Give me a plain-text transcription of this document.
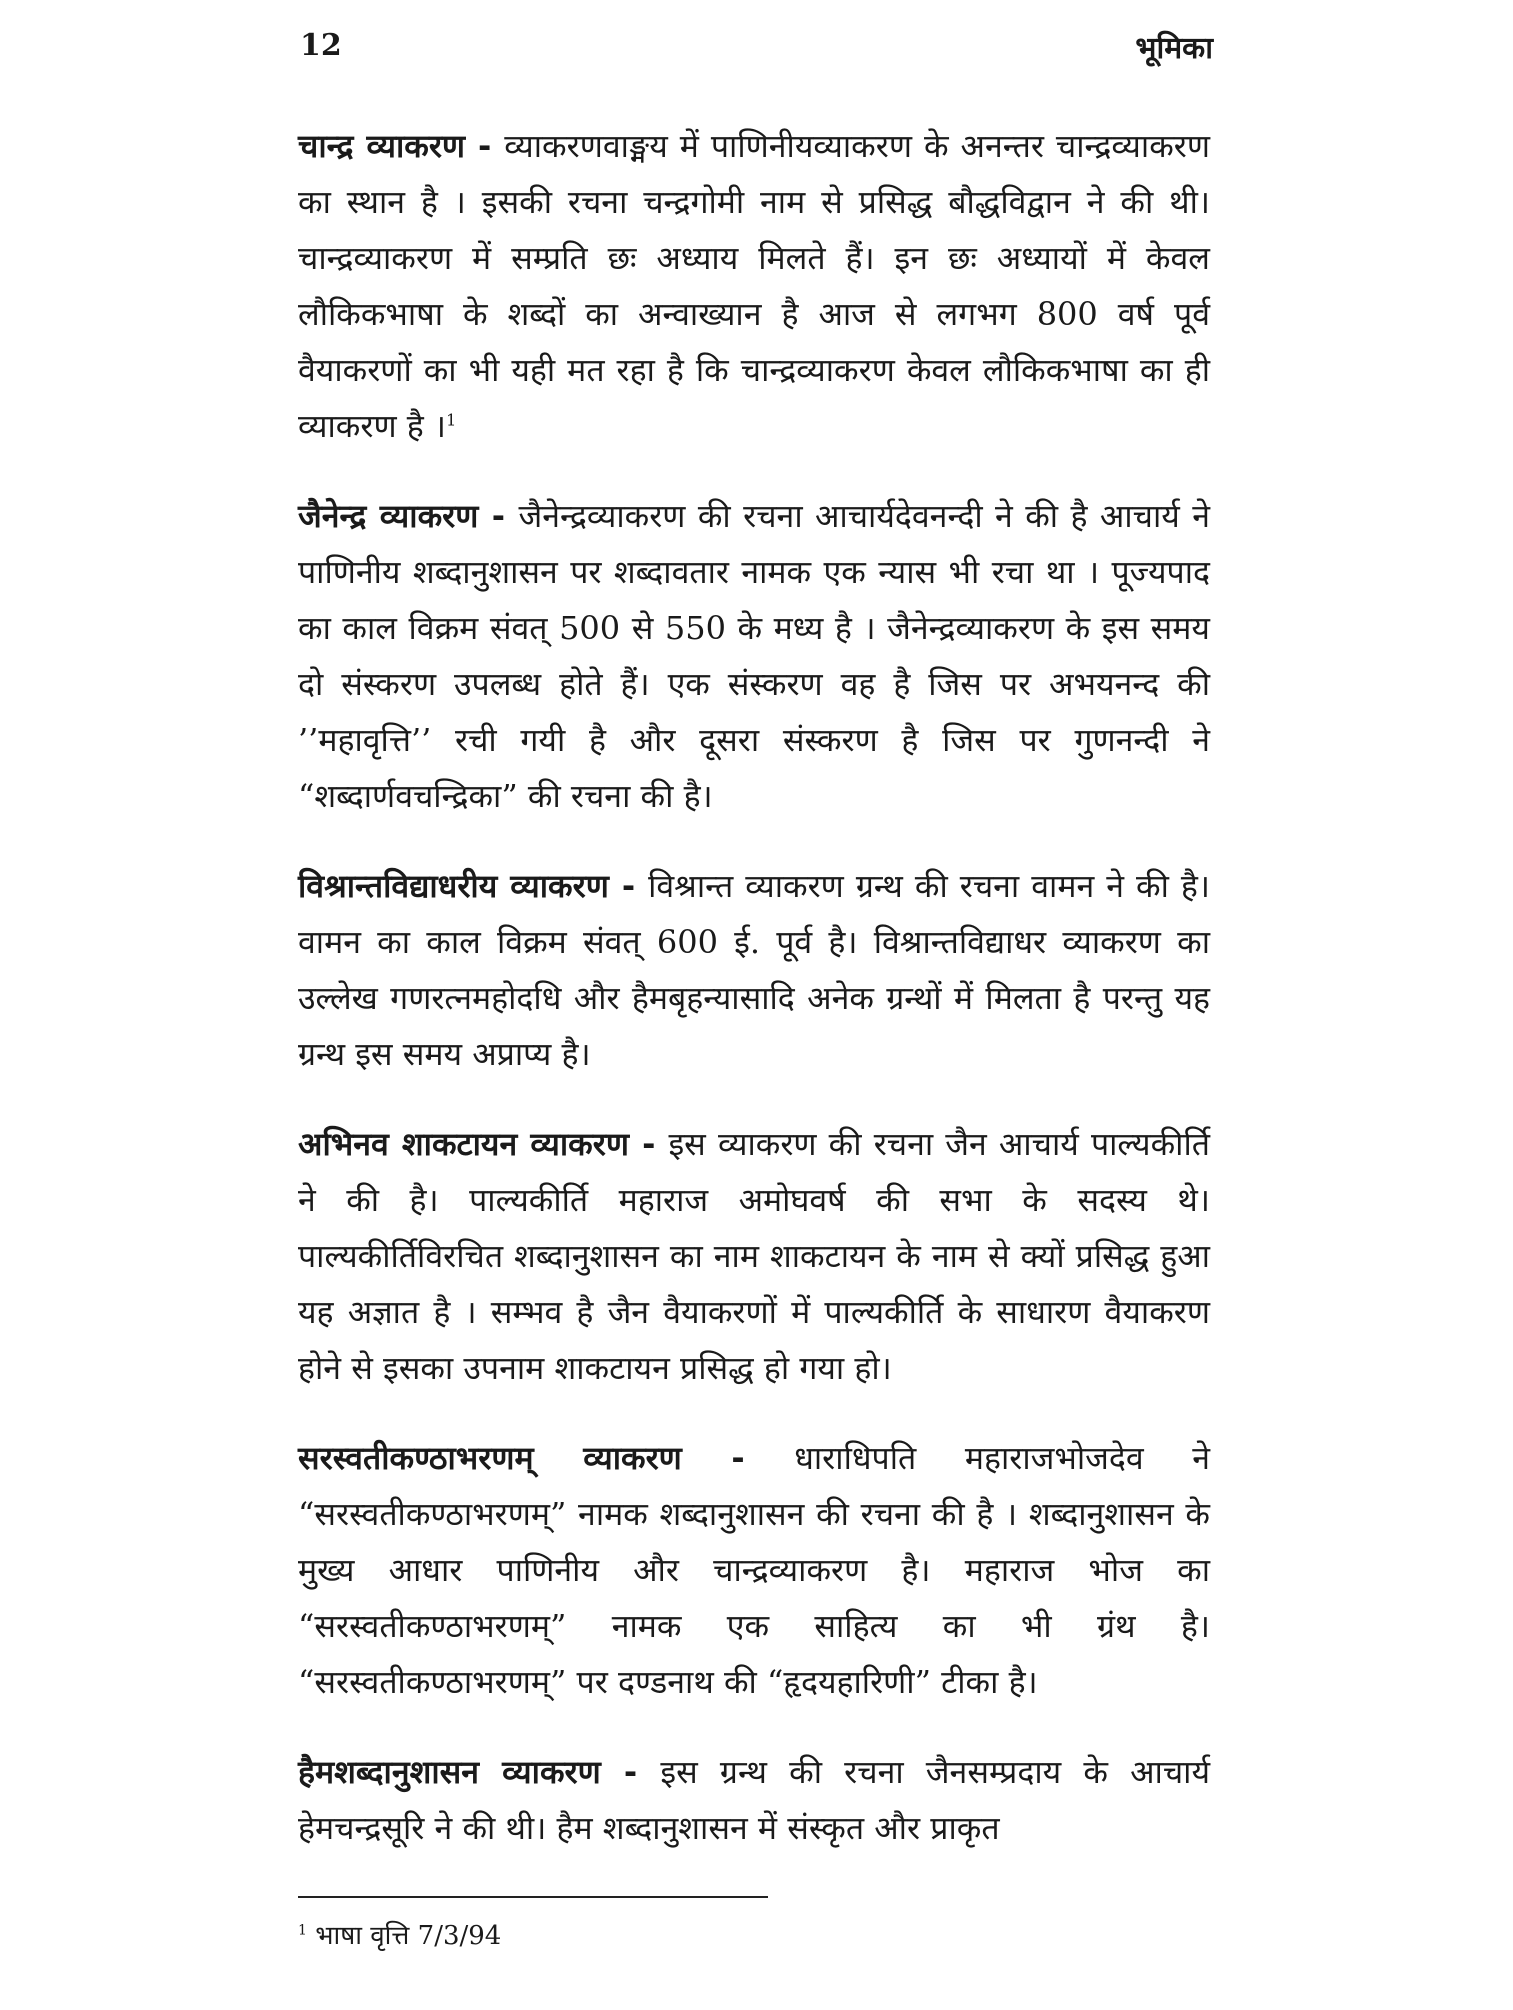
12	भूमिका

चान्द्र व्याकरण - व्याकरणवाङ्मय में पाणिनीयव्याकरण के अनन्तर चान्द्रव्याकरण का स्थान है । इसकी रचना चन्द्रगोमी नाम से प्रसिद्ध बौद्धविद्वान ने की थी। चान्द्रव्याकरण में सम्प्रति छः अध्याय मिलते हैं। इन छः अध्यायों में केवल लौकिकभाषा के शब्दों का अन्वाख्यान है आज से लगभग 800 वर्ष पूर्व वैयाकरणों का भी यही मत रहा है कि चान्द्रव्याकरण केवल लौकिकभाषा का ही व्याकरण है ।$^1$

जैनेन्द्र व्याकरण - जैनेन्द्रव्याकरण की रचना आचार्यदेवनन्दी ने की है आचार्य ने पाणिनीय शब्दानुशासन पर शब्दावतार नामक एक न्यास भी रचा था । पूज्यपाद का काल विक्रम संवत् 500 से 550 के मध्य है । जैनेन्द्रव्याकरण के इस समय दो संस्करण उपलब्ध होते हैं। एक संस्करण वह है जिस पर अभयनन्द की ’’महावृत्ति’’ रची गयी है और दूसरा संस्करण है जिस पर गुणनन्दी ने “शब्दार्णवचन्द्रिका” की रचना की है।

विश्रान्तविद्याधरीय व्याकरण - विश्रान्त व्याकरण ग्रन्थ की रचना वामन ने की है। वामन का काल विक्रम संवत् 600 ई. पूर्व है। विश्रान्तविद्याधर व्याकरण का उल्लेख गणरत्नमहोदधि और हैमबृहन्यासादि अनेक ग्रन्थों में मिलता है परन्तु यह ग्रन्थ इस समय अप्राप्य है।

अभिनव शाकटायन व्याकरण - इस व्याकरण की रचना जैन आचार्य पाल्यकीर्ति ने की है। पाल्यकीर्ति महाराज अमोघवर्ष की सभा के सदस्य थे। पाल्यकीर्तिविरचित शब्दानुशासन का नाम शाकटायन के नाम से क्यों प्रसिद्ध हुआ यह अज्ञात है । सम्भव है जैन वैयाकरणों में पाल्यकीर्ति के साधारण वैयाकरण होने से इसका उपनाम शाकटायन प्रसिद्ध हो गया हो।

सरस्वतीकण्ठाभरणम् व्याकरण - धाराधिपति महाराजभोजदेव ने “सरस्वतीकण्ठाभरणम्” नामक शब्दानुशासन की रचना की है । शब्दानुशासन के मुख्य आधार पाणिनीय और चान्द्रव्याकरण है। महाराज भोज का “सरस्वतीकण्ठाभरणम्” नामक एक साहित्य का भी ग्रंथ है। “सरस्वतीकण्ठाभरणम्” पर दण्डनाथ की “हृदयहारिणी” टीका है।

हैमशब्दानुशासन व्याकरण - इस ग्रन्थ की रचना जैनसम्प्रदाय के आचार्य हेमचन्द्रसूरि ने की थी। हैम शब्दानुशासन में संस्कृत और प्राकृत

$^1$ भाषा वृत्ति 7/3/94
